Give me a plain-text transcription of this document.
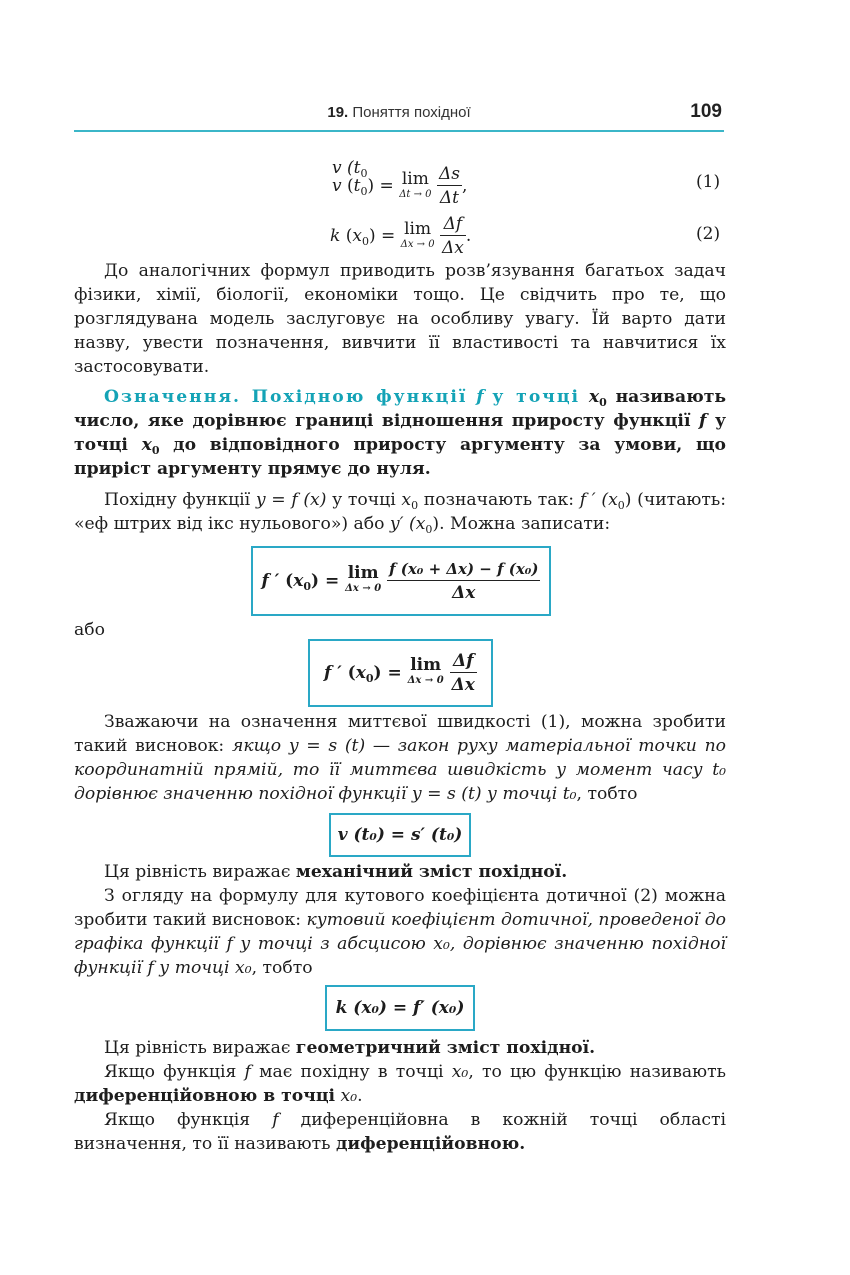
19. Поняття похідної	109
v ($t_0$
v $(t_0) = \lim$
Δt → 0
$\frac{\Delta s}{\Delta t}$ ,	(1)
k $(x_0) = \lim$
Δx → 0
$\frac{\Delta f}{\Delta x}$ .	(2)

До аналогічних формул приводить розв’язування багатьох задач фізики, хімії, біології, економіки тощо. Це свідчить про те, що розглядувана модель заслуговує на особливу увагу. Їй варто дати назву, увести позначення, вивчити її властивості та навчитися їх застосовувати.

Означення. Похідною функції f у точці $x_0$ називають число, яке дорівнює границі відношення приросту функції f у точці $x_0$ до відповідного приросту аргументу за умови, що приріст аргументу прямує до нуля.

Похідну функції y = f (x) у точці $x_0$ позначають так: f ′ $(x_0)$ (читають: «еф штрих від ікс нульового») або y′ $(x_0)$. Можна записати:

f ′ $(x_0) = \lim$
Δx → 0
$\frac{\text{f (x₀ + Δx) − f (x₀)}}{\Delta x}$
або
f ′ $(x_0) = \lim$
Δx → 0
$\frac{\Delta f}{\Delta x}$

Зважаючи на означення миттєвої швидкості (1), можна зробити такий висновок: якщо y = s (t) — закон руху матеріальної точки по координатній прямій, то її миттєва швидкість у момент часу t₀ дорівнює значенню похідної функції y = s (t) у точці t₀, тобто

v (t₀) = s′ (t₀)

Ця рівність виражає механічний зміст похідної.

З огляду на формулу для кутового коефіцієнта дотичної (2) можна зробити такий висновок: кутовий коефіцієнт дотичної, проведеної до графіка функції f у точці з абсцисою x₀, дорівнює значенню похідної функції f у точці x₀, тобто

k (x₀) = f′ (x₀)

Ця рівність виражає геометричний зміст похідної.

Якщо функція f має похідну в точці x₀, то цю функцію називають диференційовною в точці x₀.

Якщо функція f диференційовна в кожній точці області визначення, то її називають диференційовною.
